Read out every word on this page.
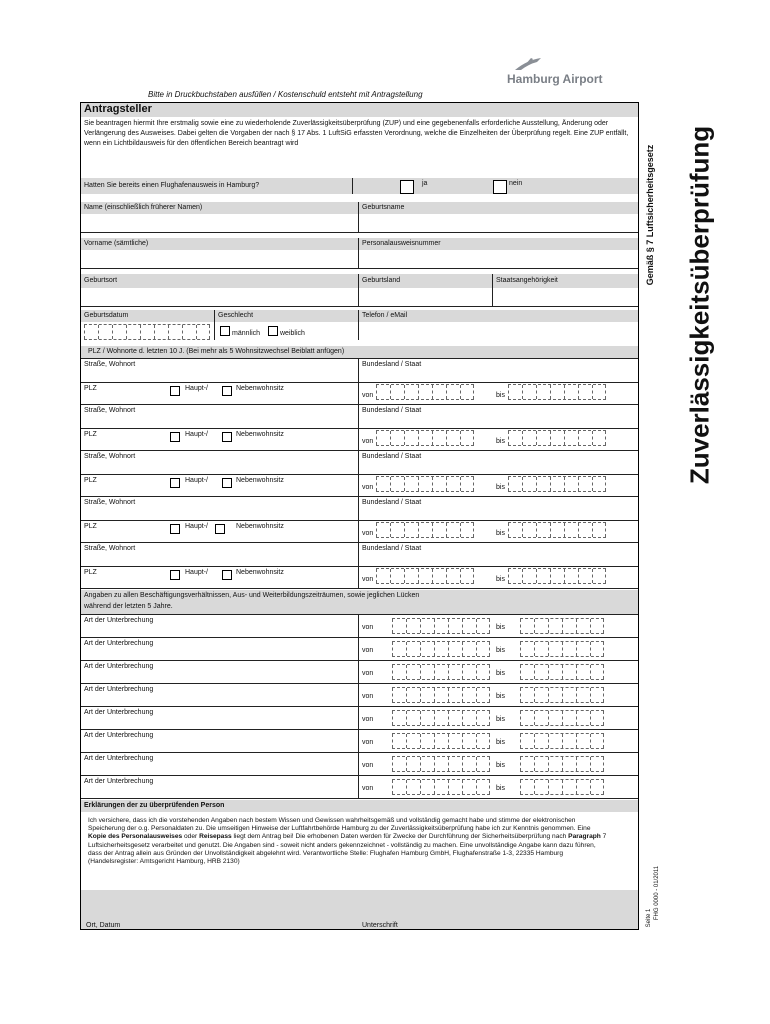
Hamburg Airport
Bitte in Druckbuchstaben ausfüllen / Kostenschuld entsteht mit Antragstellung
Zuverlässigkeitsüberprüfung
Gemäß § 7 Luftsicherheitsgesetz
Seite 1 FHG 0000 - 01/2011
Antragsteller
Sie beantragen hiermit Ihre erstmalig sowie eine zu wiederholende Zuverlässigkeitsüberprüfung (ZUP) und eine gegebenenfalls erforderliche Ausstellung, Änderung oder Verlängerung des Ausweises. Dabei gelten die Vorgaben der nach § 17 Abs. 1 LuftSiG erfassten Verordnung, welche die Einzelheiten der Überprüfung regelt. Eine ZUP entfällt, wenn ein Lichtbildausweis für den öffentlichen Bereich beantragt wird
Hatten Sie bereits einen Flughafenausweis in Hamburg?	ja	nein
Name (einschließlich früherer Namen)	Geburtsname
Vorname (sämtliche)	Personalausweisnummer
Geburtsort	Geburtsland	Staatsangehörigkeit
Geburtsdatum	Geschlecht	Telefon / eMail
männlich	weiblich
PLZ / Wohnorte d. letzten 10 J. (Bei mehr als 5 Wohnsitzwechsel Beiblatt anfügen)
Straße, Wohnort	Bundesland / Staat
PLZ	Haupt-/	Nebenwohnsitz
von	bis
Straße, Wohnort	Bundesland / Staat
PLZ	Haupt-/	Nebenwohnsitz
von	bis
Straße, Wohnort	Bundesland / Staat
PLZ	Haupt-/	Nebenwohnsitz
von	bis
Straße, Wohnort	Bundesland / Staat
PLZ	Haupt-/	Nebenwohnsitz
von	bis
Straße, Wohnort	Bundesland / Staat
PLZ	Haupt-/	Nebenwohnsitz
von	bis
Angaben zu allen Beschäftigungsverhältnissen, Aus- und Weiterbildungszeiträumen, sowie jeglichen Lücken
während der letzten 5 Jahre.
Art der Unterbrechung
von	bis
Art der Unterbrechung
von	bis
Art der Unterbrechung
von	bis
Art der Unterbrechung
von	bis
Art der Unterbrechung
von	bis
Art der Unterbrechung
von	bis
Art der Unterbrechung
von	bis
Art der Unterbrechung
von	bis
Erklärungen der zu überprüfenden Person
Ich versichere, dass ich die vorstehenden Angaben nach bestem Wissen und Gewissen wahrheitsgemäß und vollständig gemacht habe und stimme der elektronischen Speicherung der o.g. Personaldaten zu. Die umseitigen Hinweise der Luftfahrtbehörde Hamburg zu der Zuverlässigkeitsüberprüfung habe ich zur Kenntnis genommen. Eine Kopie des Personalausweises oder Reisepass liegt dem Antrag bei! Die erhobenen Daten werden für Zwecke der Durchführung der Sicherheitsüberprüfung nach Paragraph 7 Luftsicherheitsgesetz verarbeitet und genutzt. Die Angaben sind - soweit nicht anders gekennzeichnet - vollständig zu machen. Eine unvollständige Angabe kann dazu führen, dass der Antrag allein aus Gründen der Unvollständigkeit abgelehnt wird. Verantwortliche Stelle: Flughafen Hamburg GmbH, Flughafenstraße 1-3, 22335 Hamburg (Handelsregister: Amtsgericht Hamburg, HRB 2130)
Ort, Datum	Unterschrift
